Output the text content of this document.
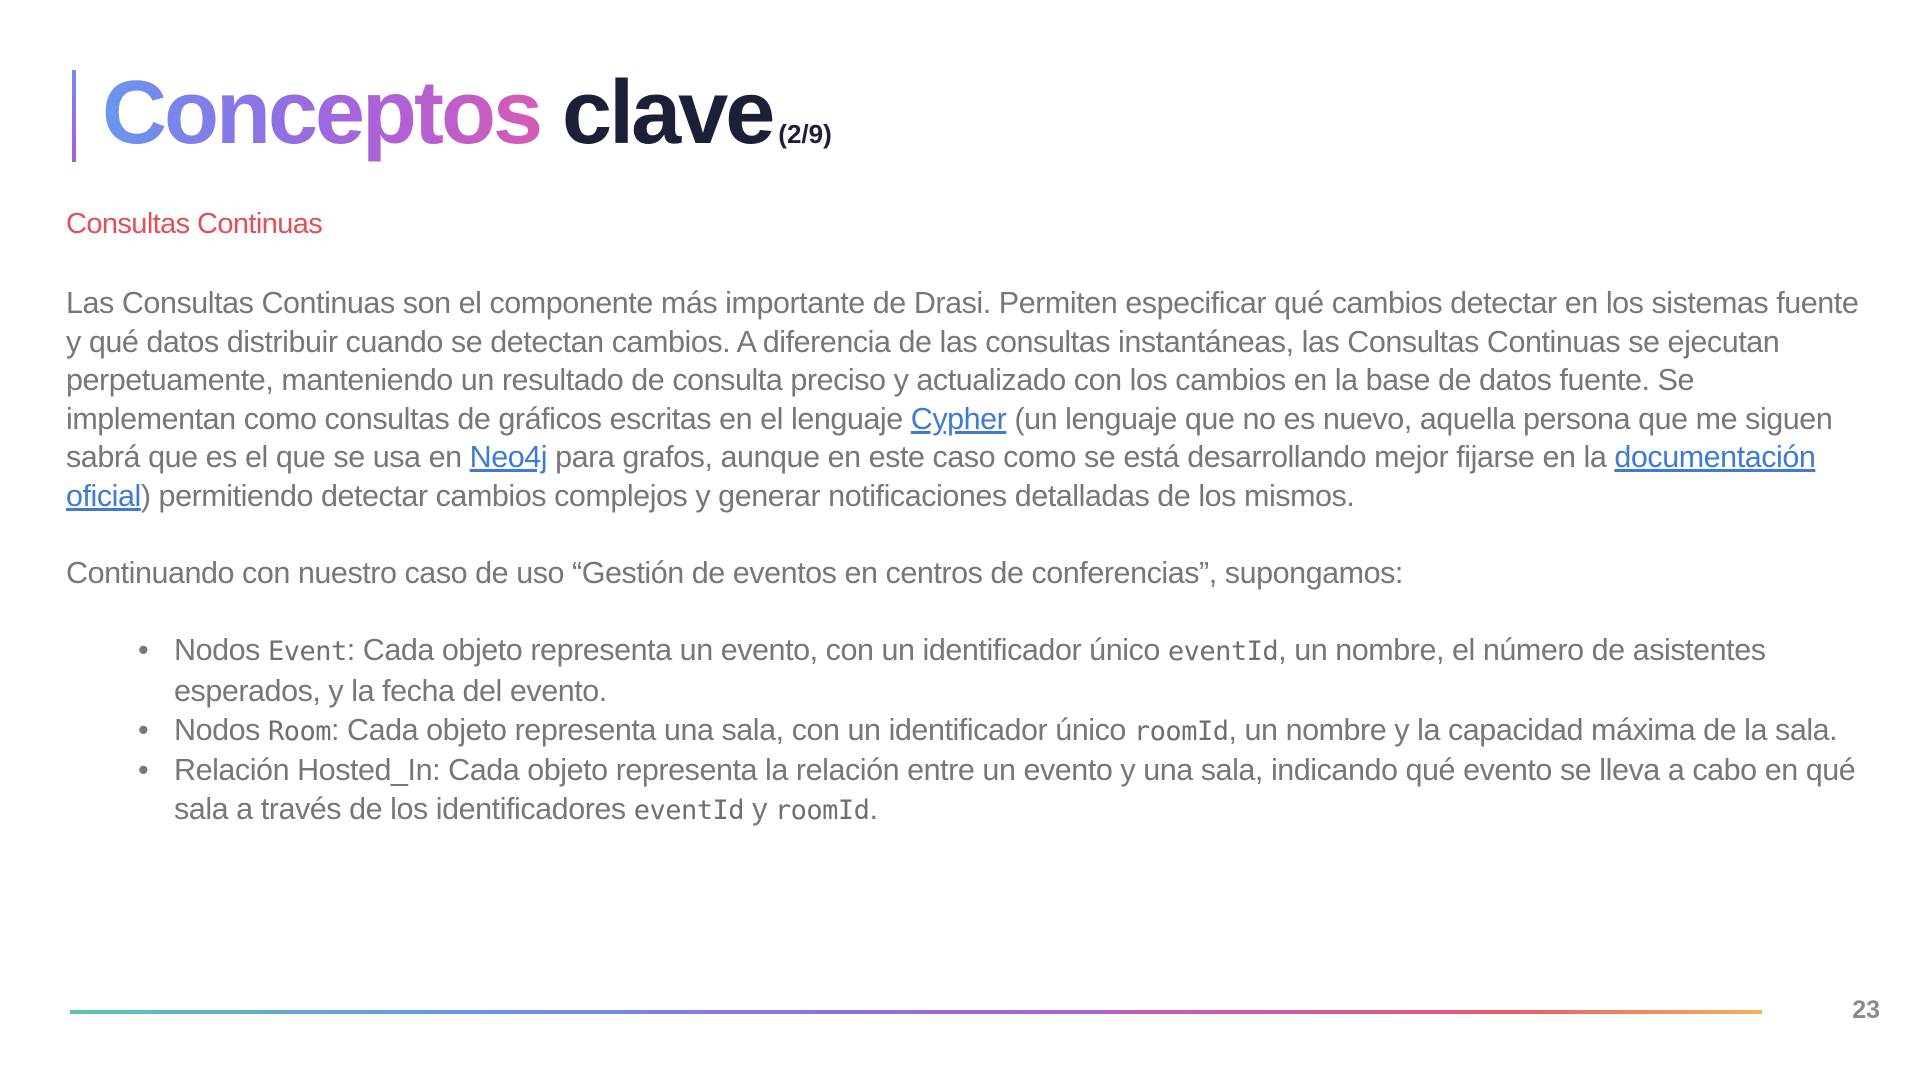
Conceptos clave (2/9)
Consultas Continuas

Las Consultas Continuas son el componente más importante de Drasi. Permiten especificar qué cambios detectar en los sistemas fuente y qué datos distribuir cuando se detectan cambios. A diferencia de las consultas instantáneas, las Consultas Continuas se ejecutan perpetuamente, manteniendo un resultado de consulta preciso y actualizado con los cambios en la base de datos fuente. Se implementan como consultas de gráficos escritas en el lenguaje Cypher (un lenguaje que no es nuevo, aquella persona que me siguen sabrá que es el que se usa en Neo4j para grafos, aunque en este caso como se está desarrollando mejor fijarse en la documentación oficial) permitiendo detectar cambios complejos y generar notificaciones detalladas de los mismos.

Continuando con nuestro caso de uso “Gestión de eventos en centros de conferencias”, supongamos:

• Nodos Event: Cada objeto representa un evento, con un identificador único eventId, un nombre, el número de asistentes esperados, y la fecha del evento.
• Nodos Room: Cada objeto representa una sala, con un identificador único roomId, un nombre y la capacidad máxima de la sala.
• Relación Hosted_In: Cada objeto representa la relación entre un evento y una sala, indicando qué evento se lleva a cabo en qué sala a través de los identificadores eventId y roomId.
23
